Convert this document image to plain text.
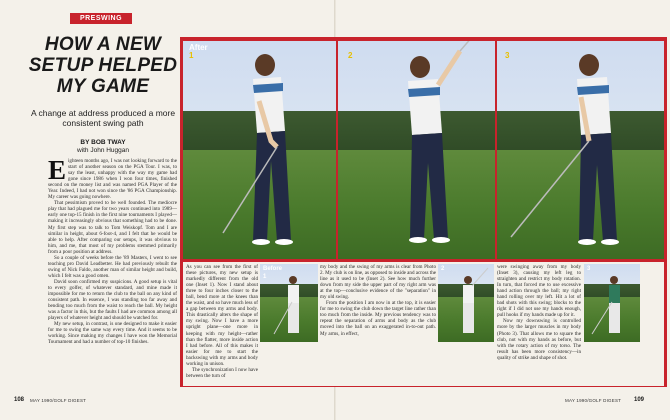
PRESWING
HOW A NEW SETUP HELPED MY GAME
A change at address produced a more consistent swing path
BY BOB TWAY
with John Huggan
E ighteen months ago, I was not looking forward to the start of another season on the PGA Tour. I was, to say the least, unhappy with the way my game had gone since 1986 when I won four times, finished second on the money list and was named PGA Player of the Year. Indeed, I had not won since the '86 PGA Championship. My career was going nowhere.

That pessimism proved to be well founded. The mediocre play that had plagued me for two years continued into 1989—early one top-15 finish in the first nine tournaments I played—making it increasingly obvious that something had to be done. My first step was to talk to Tom Weiskopf. Tom and I are similar in height, about 6-foot-4, and I felt that he would be able to help. After comparing our setups, it was obvious to him, and me, that most of my problems stemmed primarily from a poor position at address.

So a couple of weeks before the '89 Masters, I went to see teaching pro David Leadbetter. He had previously rebuilt the swing of Nick Faldo, another man of similar height and build, which I felt was a good omen.

David soon confirmed my suspicions. A good setup is vital to every golfer, of whatever standard, and mine made it impossible for me to return the club to the ball on any kind of consistent path. In essence, I was standing too far away and bending too much from the waist to reach the ball. My height was a factor in this, but the faults I had are common among all players of whatever height and should be watched for.

My new setup, in contrast, is one designed to make it easier for me to swing the same way every time. And it seems to be working. Since making my changes I have won the Memorial Tournament and had a number of top-10 finishes.

1	2	3
After

As you can see from the first of these pictures, my new setup is markedly different from the old one (Inset 1). Now I stand about three to four inches closer to the ball, bend more at the knees than the waist, and so have much less of a gap between my arms and body. This drastically alters the shape of my swing. Now I have a more upright plane—one more in keeping with my height—rather than the flatter, more inside action I had before. All of this makes it easier for me to start the backswing with my arms and body working in unison.

The synchronization I now have between the turn of

Before
1

my body and the swing of my arms is clear from Photo 2. My club is on line, as opposed to inside and across the line as it used to be (Inset 2). See how much further down from my side the upper part of my right arm was at the top—conclusive evidence of the "separation" in my old swing.

From the position I am now in at the top, it is easier for me to swing the club down the target line rather than too much from the inside. My previous tendency was to repeat the separation of arms and body as the club moved into the ball on an exaggerated in-to-out path. My arms, in effect,

2	were swinging away from my body (Inset 3), causing my left leg to straighten and restrict my body rotation. In turn, that forced me to use excessive hand action through the ball; my right hand rolling over my left. Hit a lot of bad shots with this swing; blocks to the right if I did not use my hands enough, pull hooks if my hands made up for it.

Now my downswing is controlled more by the larger muscles in my body (Photo 3). That allows me to square the club, not with my hands as before, but with the rotary action of my torso. The result has been more consistency—in quality of strike and shape of shot.

3
108 MAY 1990/GOLF DIGEST	MAY 1990/GOLF DIGEST 109
